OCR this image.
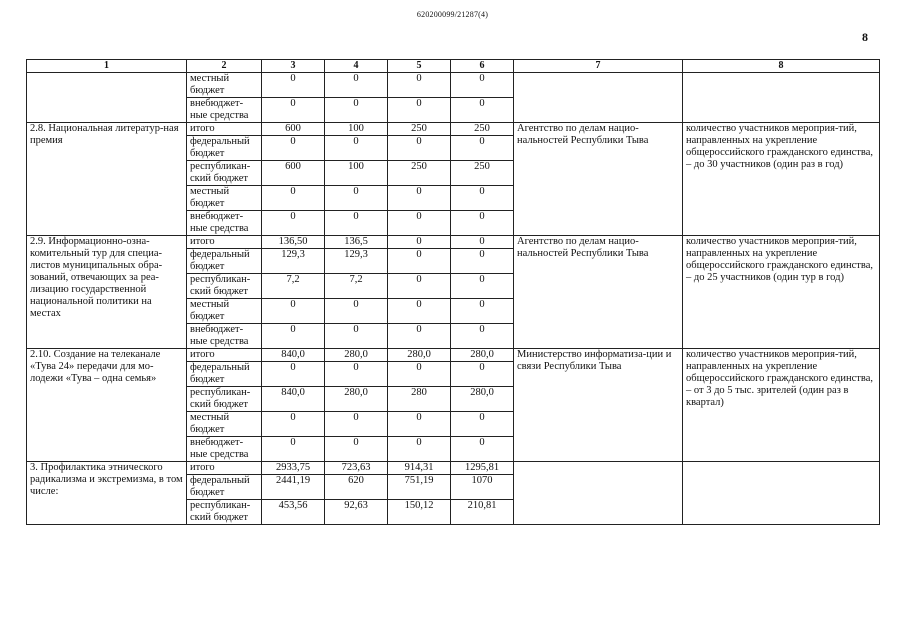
620200099/21287(4)
8
1	2	3	4	5	6	7	8
	местный бюджет	0	0	0	0		
	внебюджет-ные средства	0	0	0	0		
2.8. Национальная литератур-ная премия	итого	600	100	250	250	Агентство по делам нацио-нальностей Республики Тыва	количество участников мероприя-тий, направленных на укрепление общероссийского гражданского единства, – до 30 участников (один раз в год)
	федеральный бюджет	0	0	0	0		
	республикан-ский бюджет	600	100	250	250		
	местный бюджет	0	0	0	0		
	внебюджет-ные средства	0	0	0	0		
2.9. Информационно-озна-комительный тур для специа-листов муниципальных обра-зований, отвечающих за реа-лизацию государственной национальной политики на местах	итого	136,50	136,5	0	0	Агентство по делам нацио-нальностей Республики Тыва	количество участников мероприя-тий, направленных на укрепление общероссийского гражданского единства, – до 25 участников (один тур в год)
	федеральный бюджет	129,3	129,3	0	0		
	республикан-ский бюджет	7,2	7,2	0	0		
	местный бюджет	0	0	0	0		
	внебюджет-ные средства	0	0	0	0		
2.10. Создание на телеканале «Тува 24» передачи для мо-лодежи «Тува – одна семья»	итого	840,0	280,0	280,0	280,0	Министерство информатиза-ции и связи Республики Тыва	количество участников мероприя-тий, направленных на укрепление общероссийского гражданского единства, – от 3 до 5 тыс. зрителей (один раз в квартал)
	федеральный бюджет	0	0	0	0		
	республикан-ский бюджет	840,0	280,0	280	280,0		
	местный бюджет	0	0	0	0		
	внебюджет-ные средства	0	0	0	0		
3. Профилактика этнического радикализма и экстремизма, в том числе:	итого	2933,75	723,63	914,31	1295,81		
	федеральный бюджет	2441,19	620	751,19	1070		
	республикан-ский бюджет	453,56	92,63	150,12	210,81		
